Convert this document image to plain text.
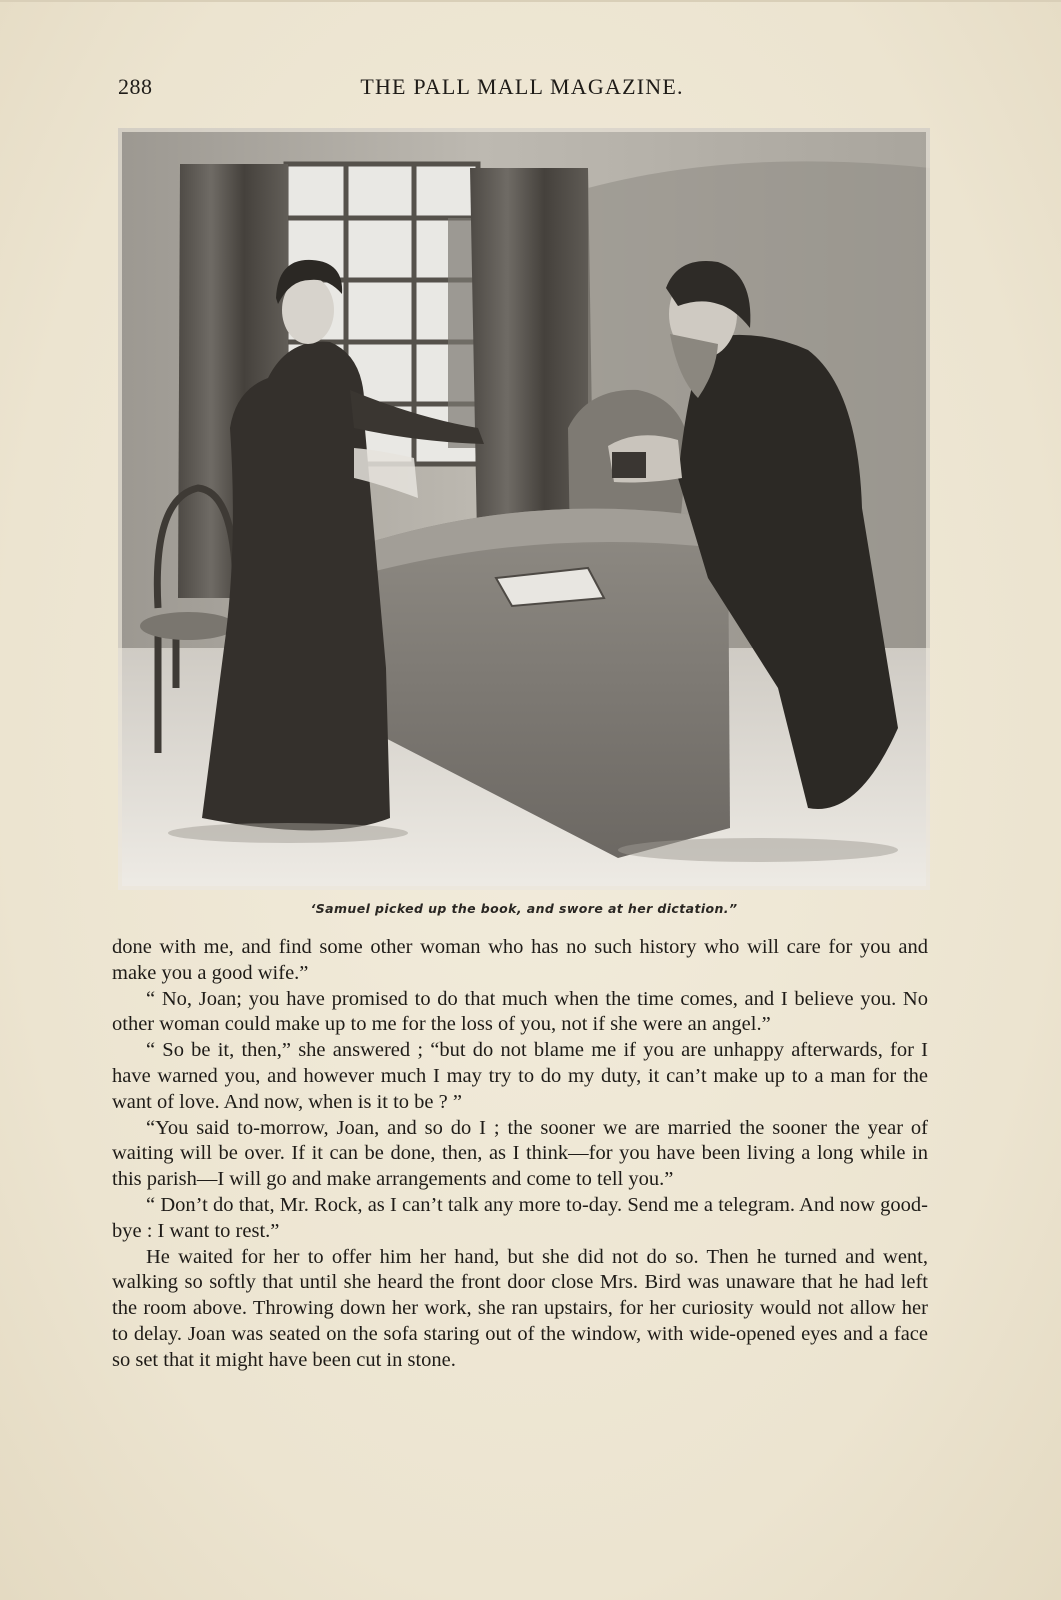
288	THE PALL MALL MAGAZINE.
‘Samuel picked up the book, and swore at her dictation.”

done with me, and find some other woman who has no such history who will care for you and make you a good wife.”

“ No, Joan; you have promised to do that much when the time comes, and I believe you. No other woman could make up to me for the loss of you, not if she were an angel.”

“ So be it, then,” she answered ; “but do not blame me if you are unhappy afterwards, for I have warned you, and however much I may try to do my duty, it can’t make up to a man for the want of love. And now, when is it to be ? ”

“You said to-morrow, Joan, and so do I ; the sooner we are married the sooner the year of waiting will be over. If it can be done, then, as I think—for you have been living a long while in this parish—I will go and make arrangements and come to tell you.”

“ Don’t do that, Mr. Rock, as I can’t talk any more to-day. Send me a telegram. And now good-bye : I want to rest.”

He waited for her to offer him her hand, but she did not do so. Then he turned and went, walking so softly that until she heard the front door close Mrs. Bird was unaware that he had left the room above. Throwing down her work, she ran upstairs, for her curiosity would not allow her to delay. Joan was seated on the sofa staring out of the window, with wide-opened eyes and a face so set that it might have been cut in stone.
